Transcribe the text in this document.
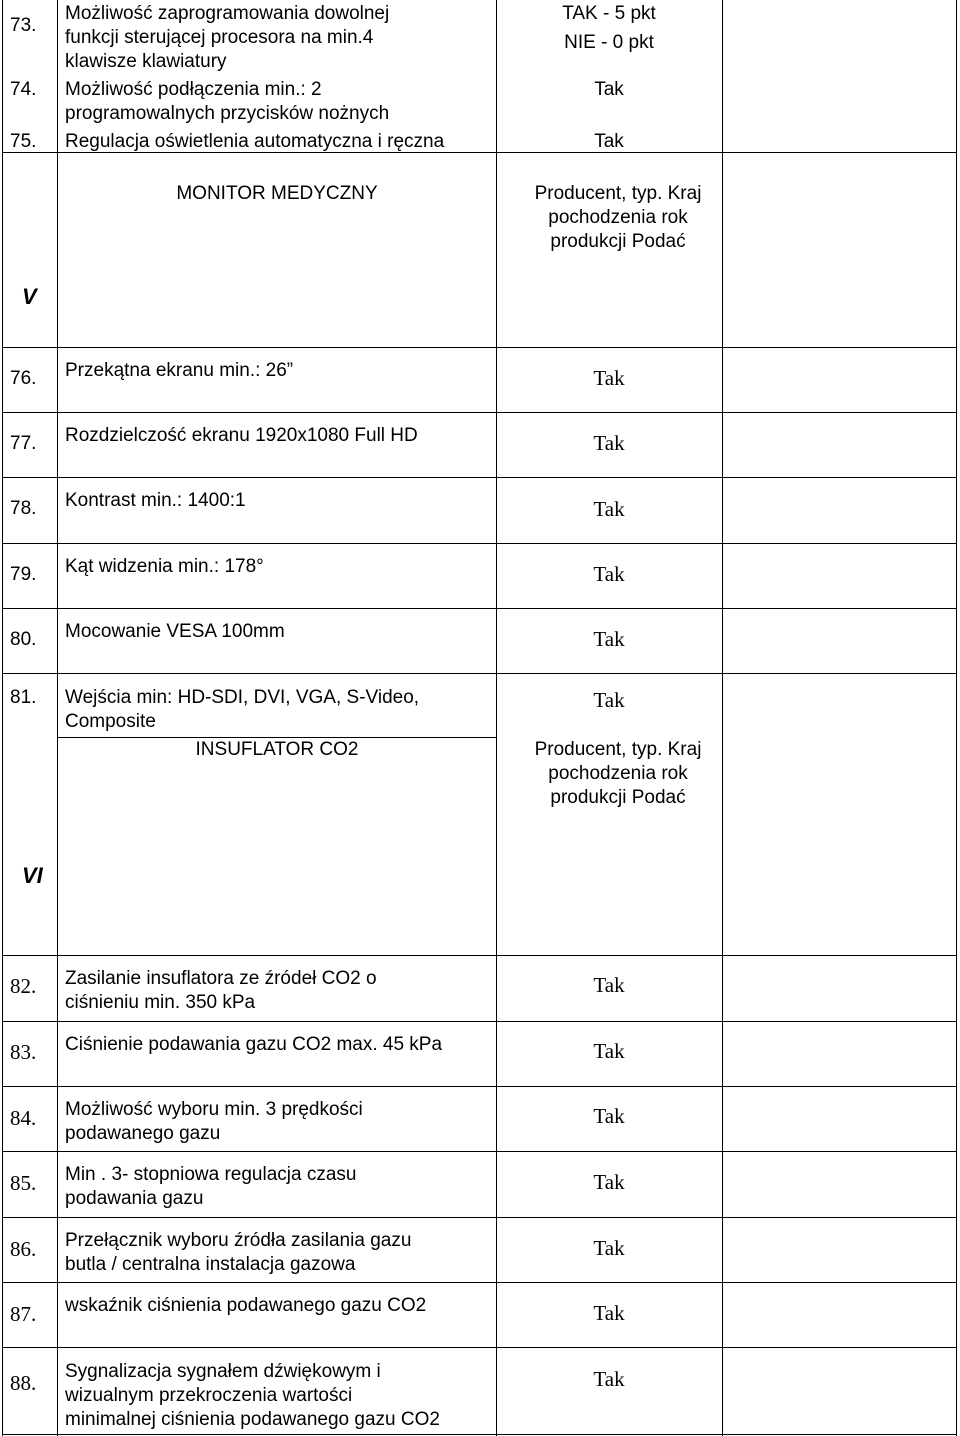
73.
Możliwość zaprogramowania dowolnej
funkcji sterującej procesora na min.4
klawisze klawiatury
TAK - 5 pkt
NIE - 0 pkt
74. Możliwość podłączenia min.: 2
programowalnych przycisków nożnych
Tak
75. Regulacja oświetlenia automatyczna i ręczna	Tak
V
MONITOR MEDYCZNY	Producent, typ. Kraj
pochodzenia rok
produkcji Podać
76. Przekątna ekranu min.: 26”	Tak
77. Rozdzielczość ekranu 1920x1080 Full HD	Tak
78. Kontrast min.: 1400:1	Tak
79. Kąt widzenia min.: 178°	Tak
80. Mocowanie VESA 100mm	Tak
81. Wejścia min: HD-SDI, DVI, VGA, S-Video,
Composite
Tak
VI
INSUFLATOR CO2	Producent, typ. Kraj
pochodzenia rok
produkcji Podać
82. Zasilanie insuflatora ze źródeł CO2 o
ciśnieniu min. 350 kPa
Tak
83. Ciśnienie podawania gazu CO2 max. 45 kPa	Tak
84. Możliwość wyboru min. 3 prędkości
podawanego gazu
Tak
85. Min . 3- stopniowa regulacja czasu
podawania gazu
Tak
86. Przełącznik wyboru źródła zasilania gazu
butla / centralna instalacja gazowa
Tak
87. wskaźnik ciśnienia podawanego gazu CO2	Tak
88. Sygnalizacja sygnałem dźwiękowym i
wizualnym przekroczenia wartości
minimalnej ciśnienia podawanego gazu CO2
Tak
